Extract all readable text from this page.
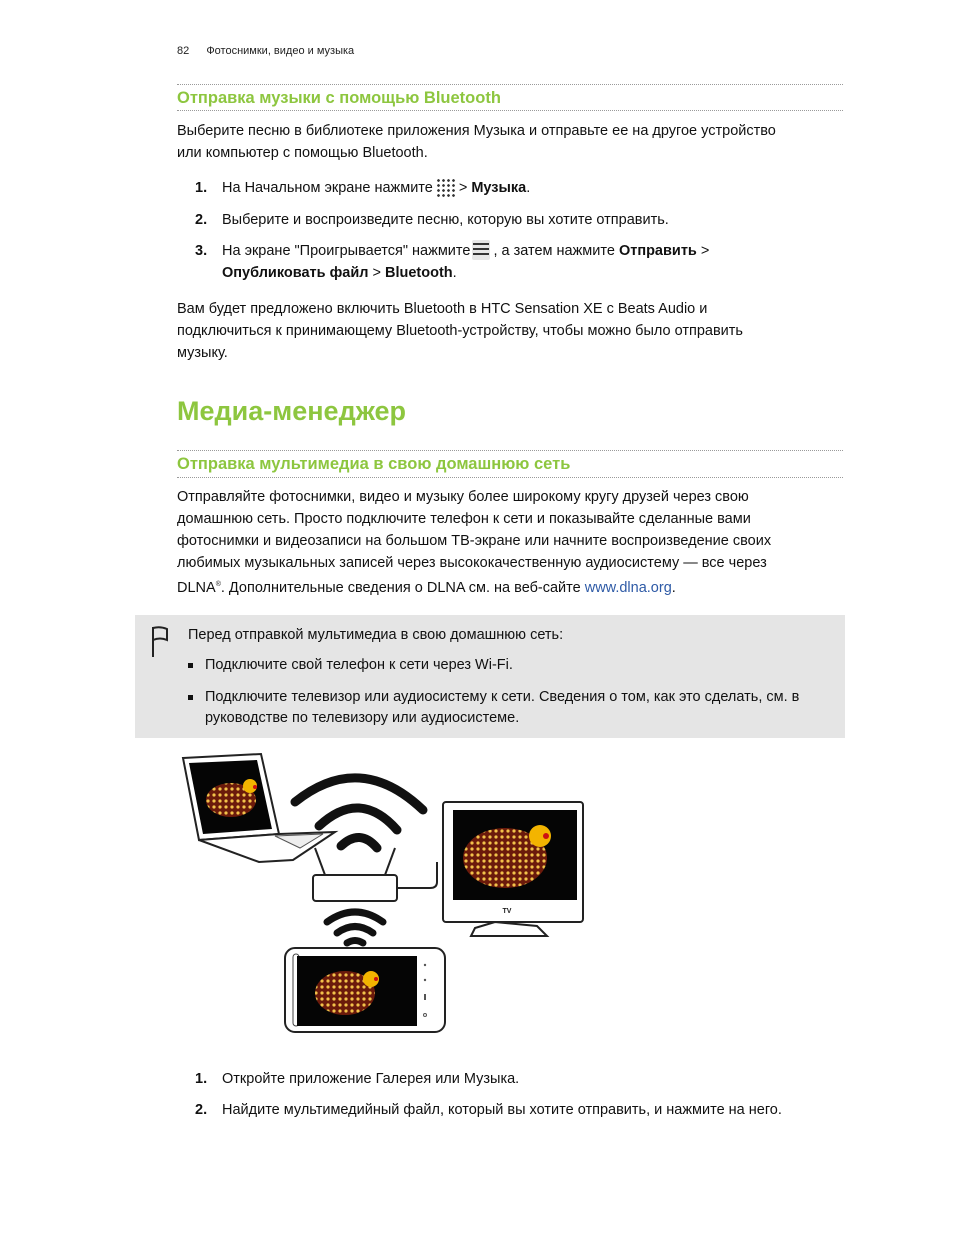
82 Фотоснимки, видео и музыка
Отправка музыки с помощью Bluetooth
Выберите песню в библиотеке приложения Музыка и отправьте ее на другое устройство
или компьютер с помощью Bluetooth.
1. На Начальном экране нажмите > Музыка.
2. Выберите и воспроизведите песню, которую вы хотите отправить.
3. На экране "Проигрывается" нажмите , а затем нажмите Отправить >
Опубликовать файл > Bluetooth.
Вам будет предложено включить Bluetooth в HTC Sensation XE с Beats Audio и
подключиться к принимающему Bluetooth-устройству, чтобы можно было отправить
музыку.
Медиа-менеджер
Отправка мультимедиа в свою домашнюю сеть
Отправляйте фотоснимки, видео и музыку более широкому кругу друзей через свою
домашнюю сеть. Просто подключите телефон к сети и показывайте сделанные вами
фотоснимки и видеозаписи на большом ТВ-экране или начните воспроизведение своих
любимых музыкальных записей через высококачественную аудиосистему — все через
DLNA®. Дополнительные сведения о DLNA см. на веб-сайте www.dlna.org.
Перед отправкой мультимедиа в свою домашнюю сеть:
Подключите свой телефон к сети через Wi-Fi.
Подключите телевизор или аудиосистему к сети. Сведения о том, как это сделать, см. в руководстве по телевизору или аудиосистеме.
TV
1. Откройте приложение Галерея или Музыка.
2. Найдите мультимедийный файл, который вы хотите отправить, и нажмите на него.
